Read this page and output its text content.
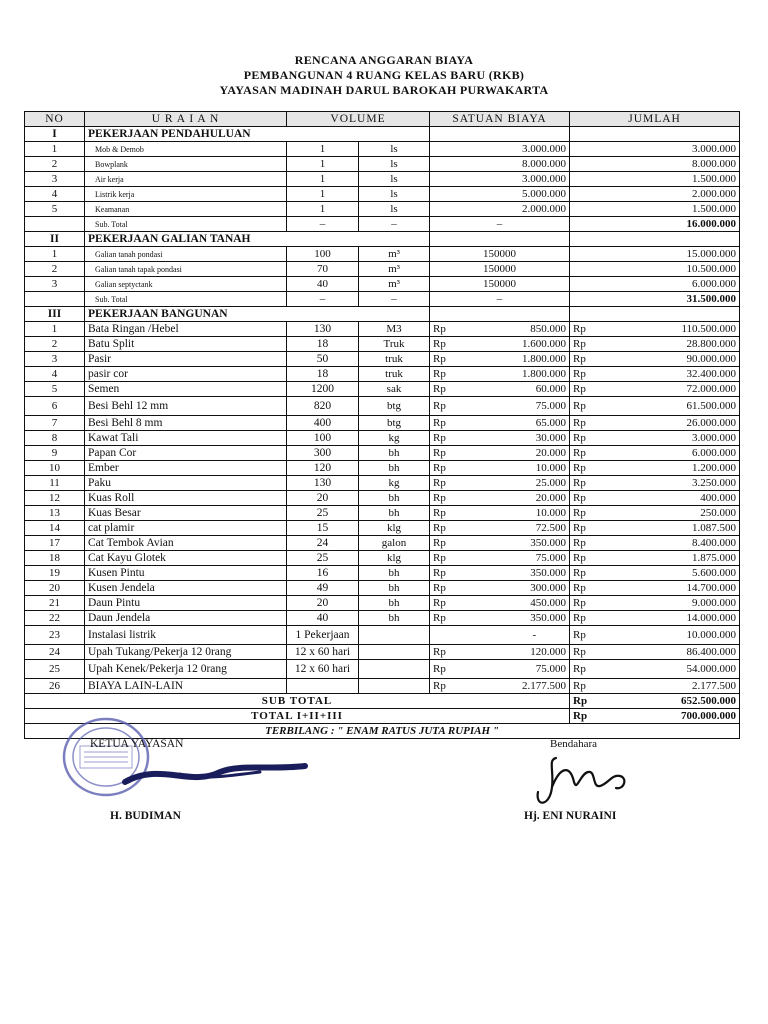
RENCANA ANGGARAN BIAYA
PEMBANGUNAN 4 RUANG KELAS BARU (RKB)
YAYASAN MADINAH DARUL BAROKAH PURWAKARTA
NO	U R A I A N	VOLUME		SATUAN BIAYA		JUMLAH	
I	PEKERJAAN PENDAHULUAN						
1	Mob & Demob	1	ls	3.000.000		3.000.000	
2	Bowplank	1	ls	8.000.000		8.000.000	
3	Air kerja	1	ls	3.000.000		1.500.000	
4	Listrik kerja	1	ls	5.000.000		2.000.000	
5	Keamanan	1	ls	2.000.000		1.500.000	
	Sub. Total	–	–	–		16.000.000	
II	PEKERJAAN GALIAN TANAH						
1	Galian tanah pondasi	100	m³	150000		15.000.000	
2	Galian tanah tapak pondasi	70	m³	150000		10.500.000	
3	Galian septyctank	40	m³	150000		6.000.000	
	Sub. Total	–	–	–		31.500.000	
III	PEKERJAAN BANGUNAN						
1	Bata Ringan /Hebel	130	M3	Rp	850.000	Rp	110.500.000
2	Batu Split	18	Truk	Rp	1.600.000	Rp	28.800.000
3	Pasir	50	truk	Rp	1.800.000	Rp	90.000.000
4	pasir cor	18	truk	Rp	1.800.000	Rp	32.400.000
5	Semen	1200	sak	Rp	60.000	Rp	72.000.000
6	Besi Behl 12 mm	820	btg	Rp	75.000	Rp	61.500.000
7	Besi Behl 8 mm	400	btg	Rp	65.000	Rp	26.000.000
8	Kawat Tali	100	kg	Rp	30.000	Rp	3.000.000
9	Papan Cor	300	bh	Rp	20.000	Rp	6.000.000
10	Ember	120	bh	Rp	10.000	Rp	1.200.000
11	Paku	130	kg	Rp	25.000	Rp	3.250.000
12	Kuas Roll	20	bh	Rp	20.000	Rp	400.000
13	Kuas Besar	25	bh	Rp	10.000	Rp	250.000
14	cat plamir	15	klg	Rp	72.500	Rp	1.087.500
17	Cat Tembok Avian	24	galon	Rp	350.000	Rp	8.400.000
18	Cat Kayu Glotek	25	klg	Rp	75.000	Rp	1.875.000
19	Kusen Pintu	16	bh	Rp	350.000	Rp	5.600.000
20	Kusen Jendela	49	bh	Rp	300.000	Rp	14.700.000
21	Daun Pintu	20	bh	Rp	450.000	Rp	9.000.000
22	Daun Jendela	40	bh	Rp	350.000	Rp	14.000.000
23	Instalasi listrik	1 Pekerjaan			-	Rp	10.000.000
24	Upah Tukang/Pekerja 12 0rang	12 x 60 hari		Rp	120.000	Rp	86.400.000
25	Upah Kenek/Pekerja 12 0rang	12 x 60 hari		Rp	75.000	Rp	54.000.000
26	BIAYA LAIN-LAIN			Rp	2.177.500	Rp	2.177.500
SUB TOTAL						Rp	652.500.000
TOTAL I+II+III						Rp	700.000.000
TERBILANG : " ENAM RATUS JUTA RUPIAH "							
KETUA YAYASAN
H. BUDIMAN
Bendahara
Hj. ENI NURAINI
